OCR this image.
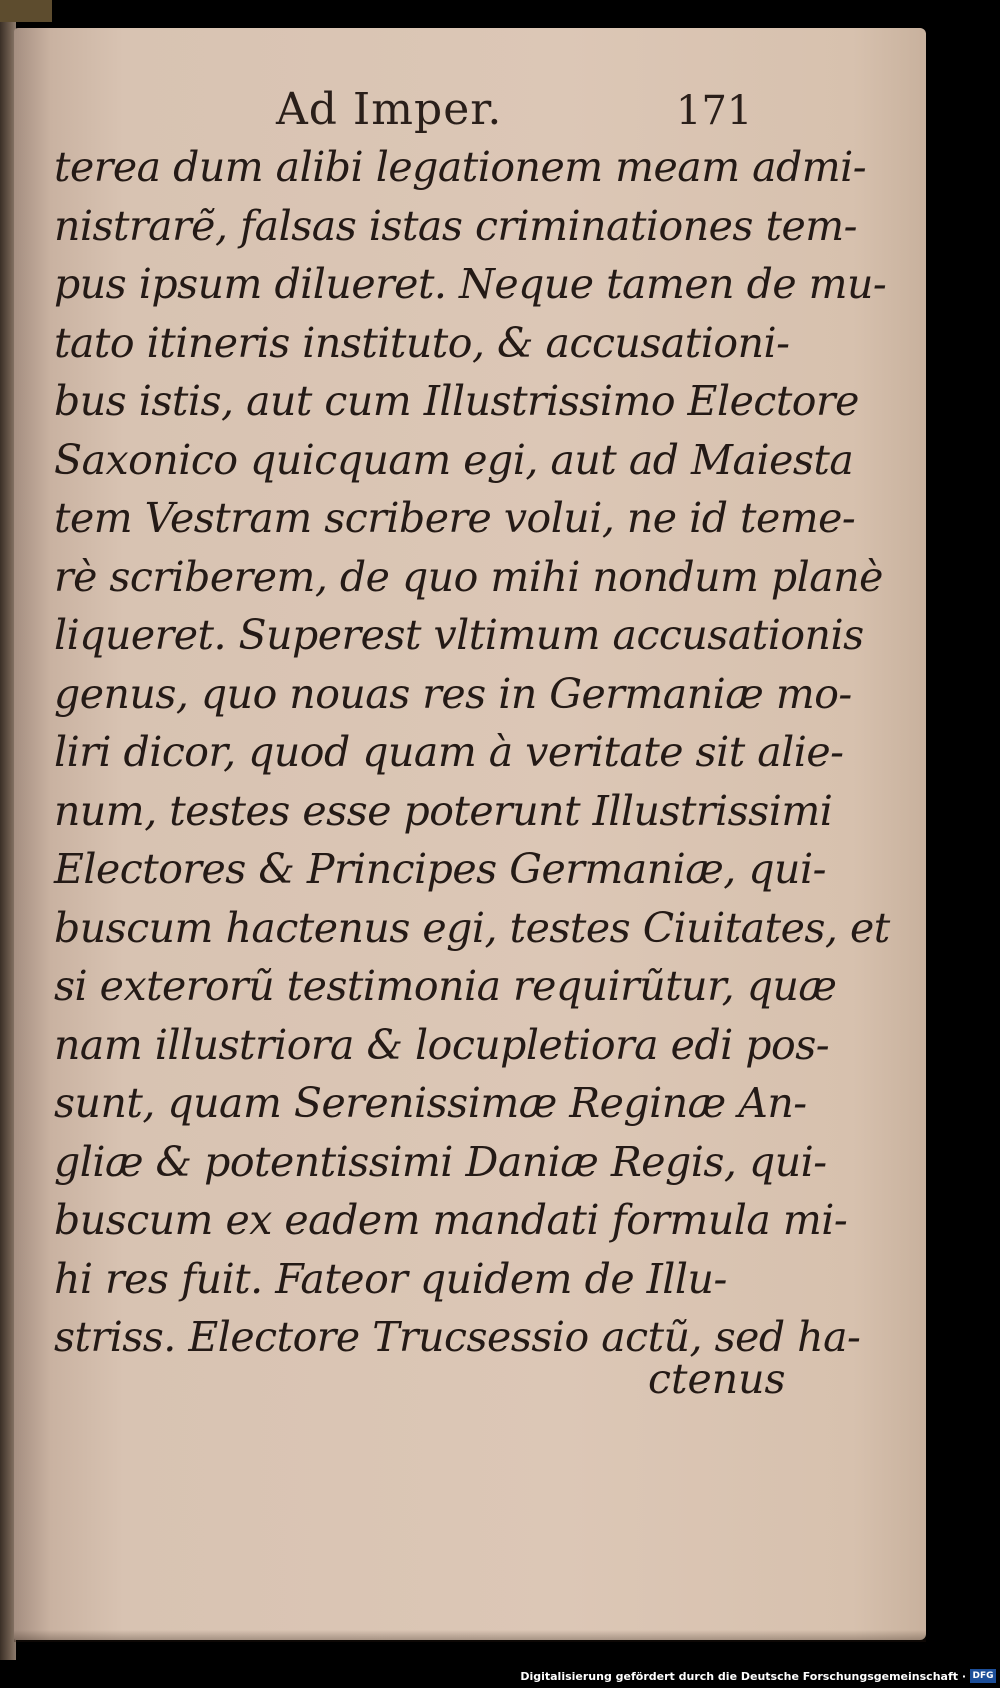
Ad Imper.	171
terea dum alibi legationem meam admi-
nistrarẽ, falsas istas criminationes tem-
pus ipsum dilueret. Neque tamen de mu-
tato itineris instituto, & accusationi-
bus istis, aut cum Illustrissimo Electore
Saxonico quicquam egi, aut ad Maiesta
tem Vestram scribere volui, ne id teme-
rè scriberem, de quo mihi nondum planè
liqueret. Superest vltimum accusationis
genus, quo nouas res in Germaniæ mo-
liri dicor, quod quam à veritate sit alie-
num, testes esse poterunt Illustrissimi
Electores & Principes Germaniæ, qui-
buscum hactenus egi, testes Ciuitates, et
si exterorũ testimonia requirũtur, quæ
nam illustriora & locupletiora edi pos-
sunt, quam Serenissimæ Reginæ An-
gliæ & potentissimi Daniæ Regis, qui-
buscum ex eadem mandati formula mi-
hi res fuit. Fateor quidem de Illu-
striss. Electore Trucsessio actũ, sed ha-
ctenus
Digitalisierung gefördert durch die Deutsche Forschungsgemeinschaft · DFG
